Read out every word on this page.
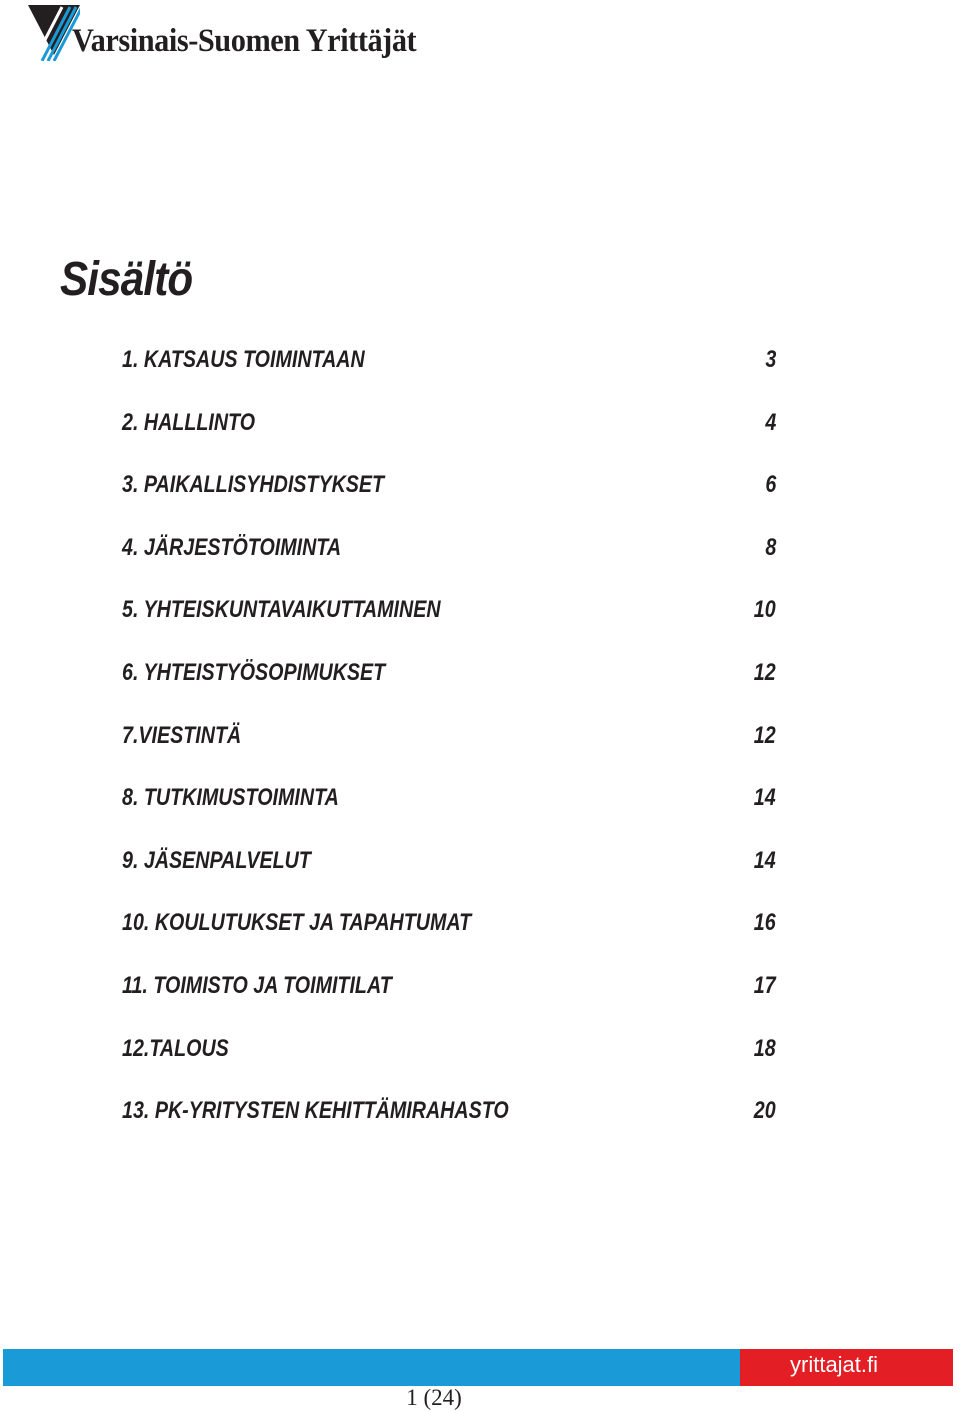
Varsinais-Suomen Yrittäjät
Sisältö
1. KATSAUS TOIMINTAAN	3
2. HALLLINTO	4
3. PAIKALLISYHDISTYKSET	6
4. JÄRJESTÖTOIMINTA	8
5. YHTEISKUNTAVAIKUTTAMINEN	10
6. YHTEISTYÖSOPIMUKSET	12
7.VIESTINTÄ	12
8. TUTKIMUSTOIMINTA	14
9. JÄSENPALVELUT	14
10. KOULUTUKSET JA TAPAHTUMAT	16
11. TOIMISTO JA TOIMITILAT	17
12.TALOUS	18
13. PK-YRITYSTEN KEHITTÄMIRAHASTO	20
yrittajat.fi
1 (24)
